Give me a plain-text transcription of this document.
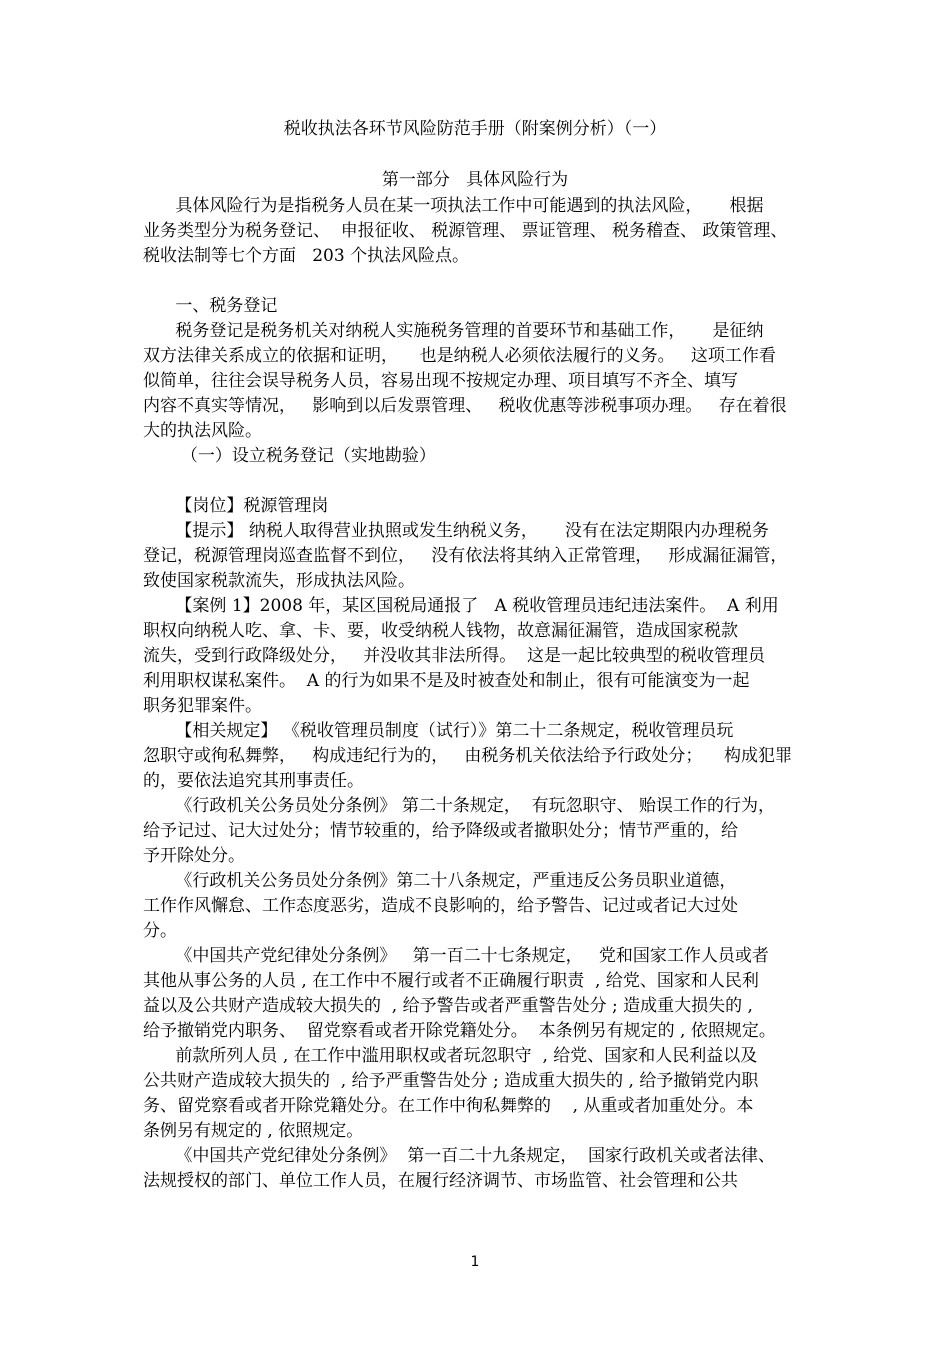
税收执法各环节风险防范手册（附案例分析）（一）
第一部分   具体风险行为
具体风险行为是指税务人员在某一项执法工作中可能遇到的执法风险，     根据
业务类型分为税务登记、  申报征收、 税源管理、 票证管理、 税务稽查、 政策管理、
税收法制等七个方面   203 个执法风险点。
一、税务登记
税务登记是税务机关对纳税人实施税务管理的首要环节和基础工作，     是征纳
双方法律关系成立的依据和证明，    也是纳税人必须依法履行的义务。   这项工作看
似简单，往往会误导税务人员，容易出现不按规定办理、项目填写不齐全、填写
内容不真实等情况，   影响到以后发票管理、   税收优惠等涉税事项办理。   存在着很
大的执法风险。
（一）设立税务登记（实地勘验）
【岗位】税源管理岗
【提示】 纳税人取得营业执照或发生纳税义务，     没有在法定期限内办理税务
登记，税源管理岗巡查监督不到位，   没有依法将其纳入正常管理，   形成漏征漏管，
致使国家税款流失，形成执法风险。
【案例 1】2008 年，某区国税局通报了   A 税收管理员违纪违法案件。  A 利用
职权向纳税人吃、拿、卡、要，收受纳税人钱物，故意漏征漏管，造成国家税款
流失，受到行政降级处分，   并没收其非法所得。  这是一起比较典型的税收管理员
利用职权谋私案件。  A 的行为如果不是及时被查处和制止，很有可能演变为一起
职务犯罪案件。
【相关规定】 《税收管理员制度（试行）》第二十二条规定，税收管理员玩
忽职守或徇私舞弊，   构成违纪行为的，   由税务机关依法给予行政处分；    构成犯罪
的，要依法追究其刑事责任。
《行政机关公务员处分条例》 第二十条规定，  有玩忽职守、 贻误工作的行为，
给予记过、记大过处分；情节较重的，给予降级或者撤职处分；情节严重的，给
予开除处分。
《行政机关公务员处分条例》第二十八条规定，严重违反公务员职业道德，
工作作风懈怠、工作态度恶劣，造成不良影响的，给予警告、记过或者记大过处
分。
《中国共产党纪律处分条例》   第一百二十七条规定，   党和国家工作人员或者
其他从事公务的人员 , 在工作中不履行或者不正确履行职责  , 给党、国家和人民利
益以及公共财产造成较大损失的  , 给予警告或者严重警告处分 ; 造成重大损失的 ,
给予撤销党内职务、  留党察看或者开除党籍处分。  本条例另有规定的 , 依照规定。
前款所列人员 , 在工作中滥用职权或者玩忽职守  , 给党、国家和人民利益以及
公共财产造成较大损失的  , 给予严重警告处分 ; 造成重大损失的 , 给予撤销党内职
务、留党察看或者开除党籍处分。在工作中徇私舞弊的    , 从重或者加重处分。本
条例另有规定的 , 依照规定。
《中国共产党纪律处分条例》  第一百二十九条规定，  国家行政机关或者法律、
法规授权的部门、单位工作人员，在履行经济调节、市场监管、社会管理和公共
1
